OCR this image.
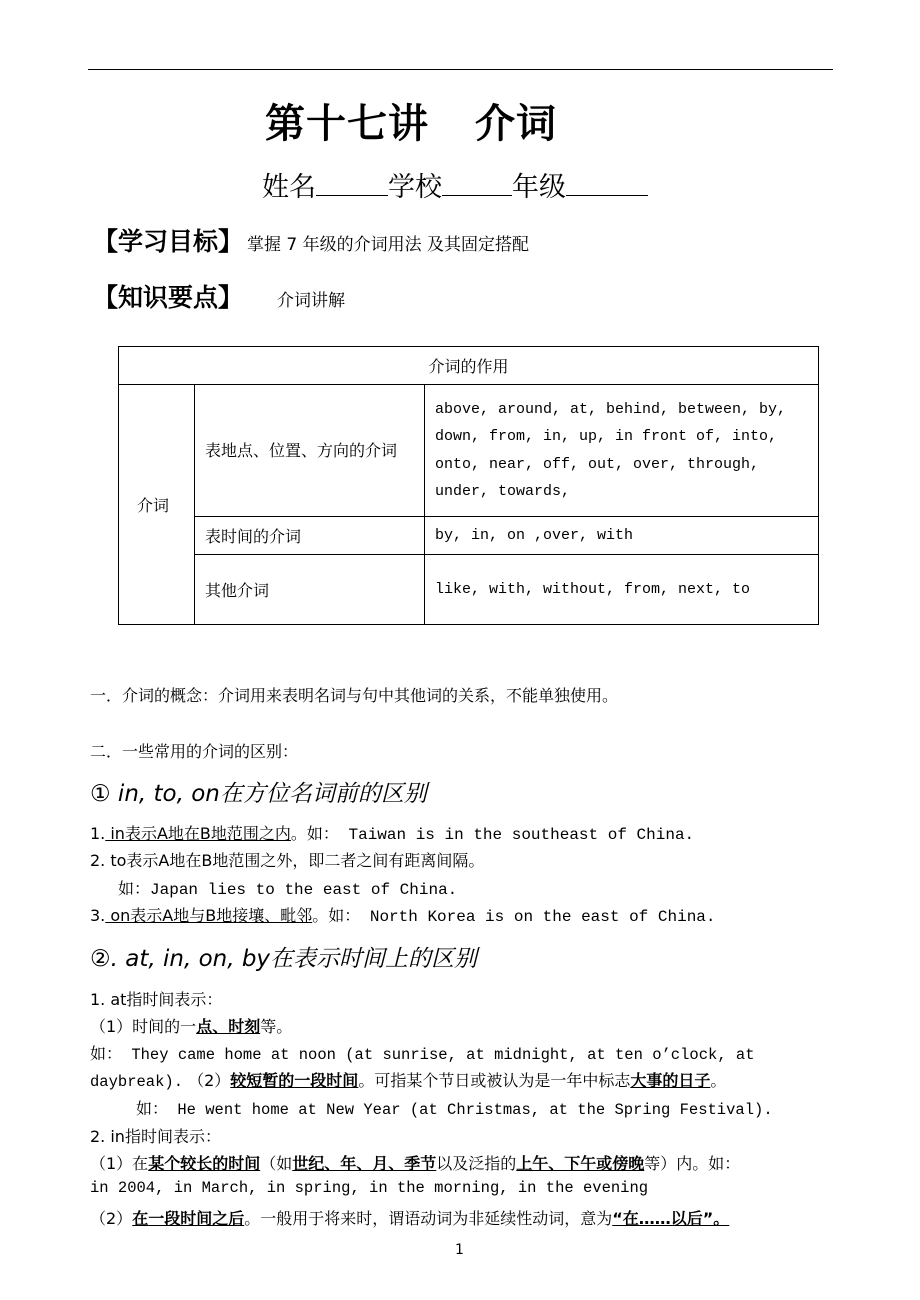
第十七讲 介词
姓名	学校	年级
【学习目标】 掌握 7 年级的介词用法 及其固定搭配
【知识要点】 介词讲解
介词的作用		
介词	表地点、位置、方向的介词	above, around, at, behind, between, by, down, from, in, up, in front of, into, onto, near, off, out, over, through, under, towards,
	表时间的介词	by, in, on ,over, with
	其他介词	like, with, without, from, next, to
一．介词的概念：介词用来表明名词与句中其他词的关系，不能单独使用。
二．一些常用的介词的区别：
① in, to, on在方位名词前的区别
1. in表示A地在B地范围之内。如： Taiwan is in the southeast of China.
2. to表示A地在B地范围之外，即二者之间有距离间隔。
如：Japan lies to the east of China.
3. on表示A地与B地接壤、毗邻。如： North Korea is on the east of China.
②. at, in, on, by在表示时间上的区别
1. at指时间表示：
（1）时间的一点、时刻等。
如： They came home at noon (at sunrise, at midnight, at ten o’clock, at
daybreak). （2）较短暂的一段时间。可指某个节日或被认为是一年中标志大事的日子。
如： He went home at New Year (at Christmas, at the Spring Festival).
2. in指时间表示：
（1）在某个较长的时间（如世纪、年、月、季节以及泛指的上午、下午或傍晚等）内。如：
in 2004, in March, in spring, in the morning, in the evening
（2）在一段时间之后。一般用于将来时，谓语动词为非延续性动词，意为“在……以后”。
1
